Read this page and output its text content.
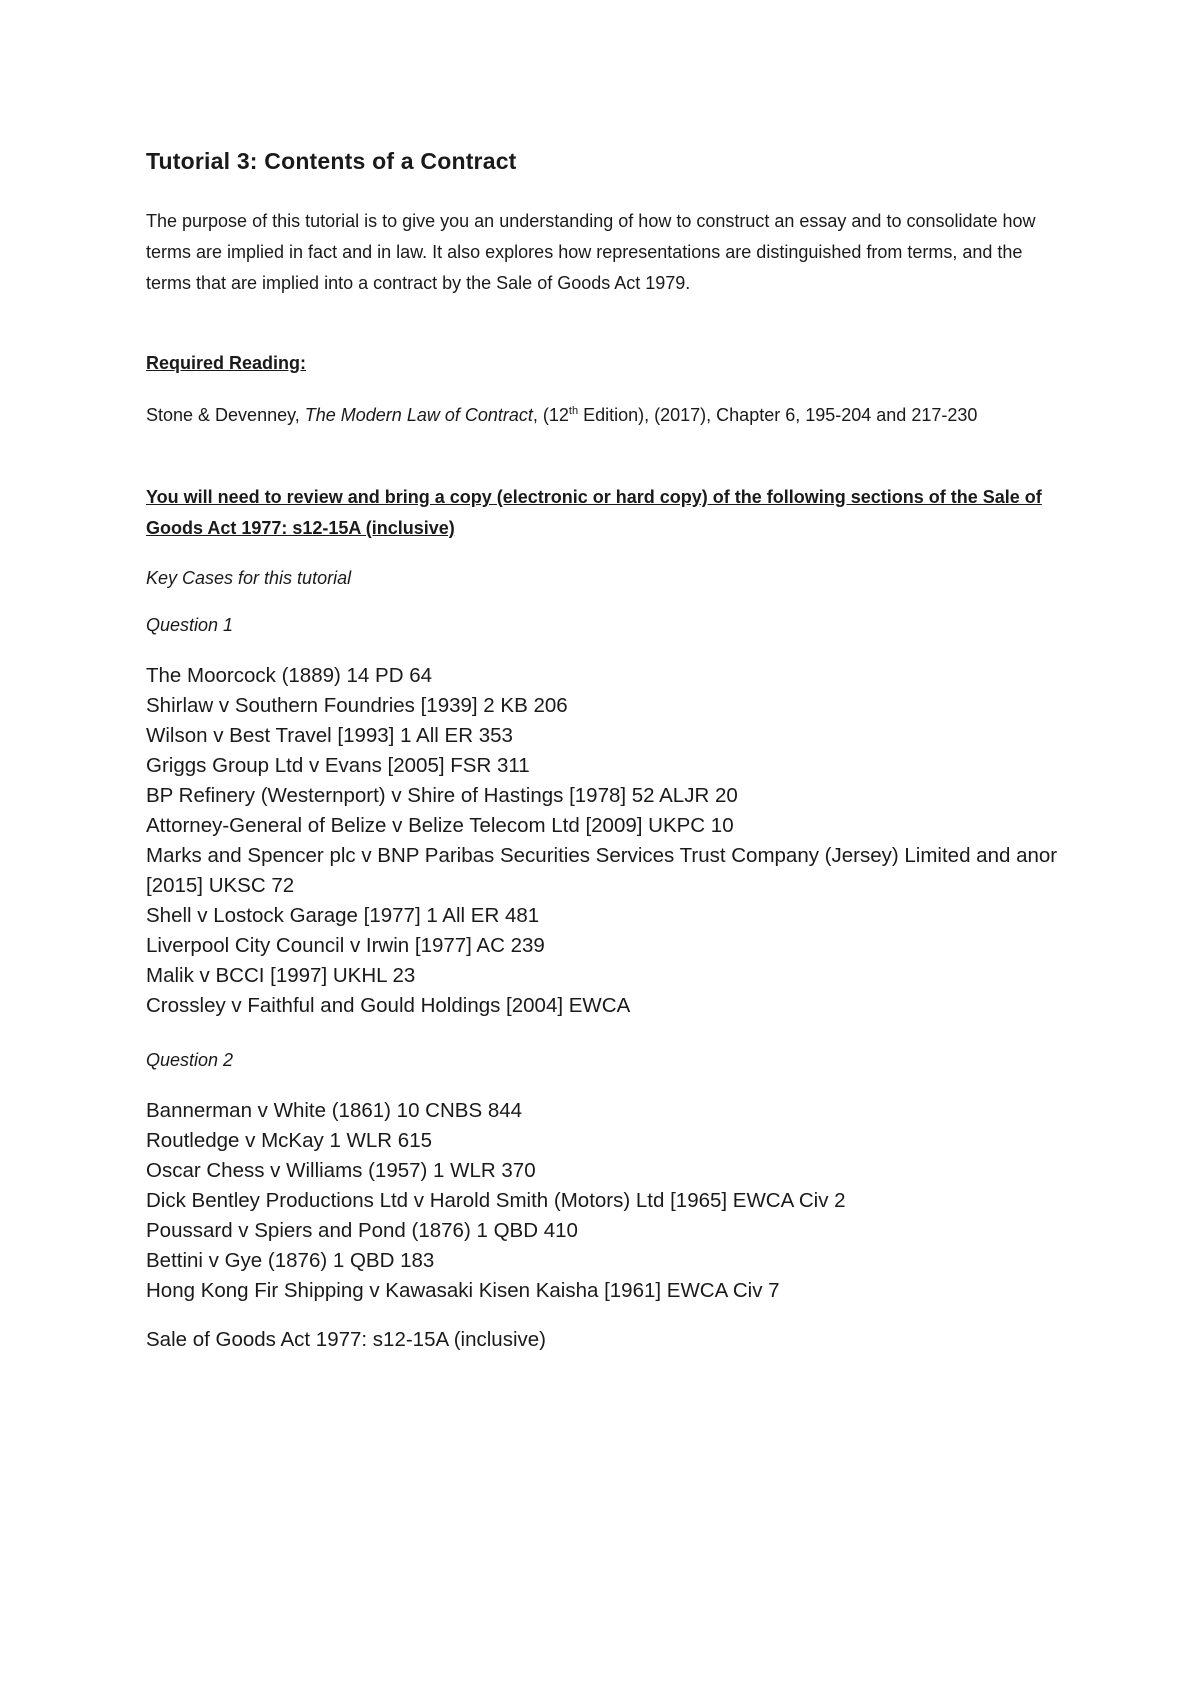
Tutorial 3: Contents of a Contract

The purpose of this tutorial is to give you an understanding of how to construct an essay and to consolidate how terms are implied in fact and in law. It also explores how representations are distinguished from terms, and the terms that are implied into a contract by the Sale of Goods Act 1979.

Required Reading:

Stone & Devenney, The Modern Law of Contract, (12th Edition), (2017), Chapter 6, 195-204 and 217-230

You will need to review and bring a copy (electronic or hard copy) of the following sections of the Sale of Goods Act 1977: s12-15A (inclusive)

Key Cases for this tutorial

Question 1

The Moorcock (1889) 14 PD 64
Shirlaw v Southern Foundries [1939] 2 KB 206
Wilson v Best Travel [1993] 1 All ER 353
Griggs Group Ltd v Evans [2005] FSR 311
BP Refinery (Westernport) v Shire of Hastings [1978] 52 ALJR 20
Attorney-General of Belize v Belize Telecom Ltd [2009] UKPC 10
Marks and Spencer plc v BNP Paribas Securities Services Trust Company (Jersey) Limited and anor [2015] UKSC 72
Shell v Lostock Garage [1977] 1 All ER 481
Liverpool City Council v Irwin [1977] AC 239
Malik v BCCI [1997] UKHL 23
Crossley v Faithful and Gould Holdings [2004] EWCA

Question 2

Bannerman v White (1861) 10 CNBS 844
Routledge v McKay 1 WLR 615
Oscar Chess v Williams (1957) 1 WLR 370
Dick Bentley Productions Ltd v Harold Smith (Motors) Ltd [1965] EWCA Civ 2
Poussard v Spiers and Pond (1876) 1 QBD 410
Bettini v Gye (1876) 1 QBD 183
Hong Kong Fir Shipping v Kawasaki Kisen Kaisha [1961] EWCA Civ 7

Sale of Goods Act 1977: s12-15A (inclusive)
